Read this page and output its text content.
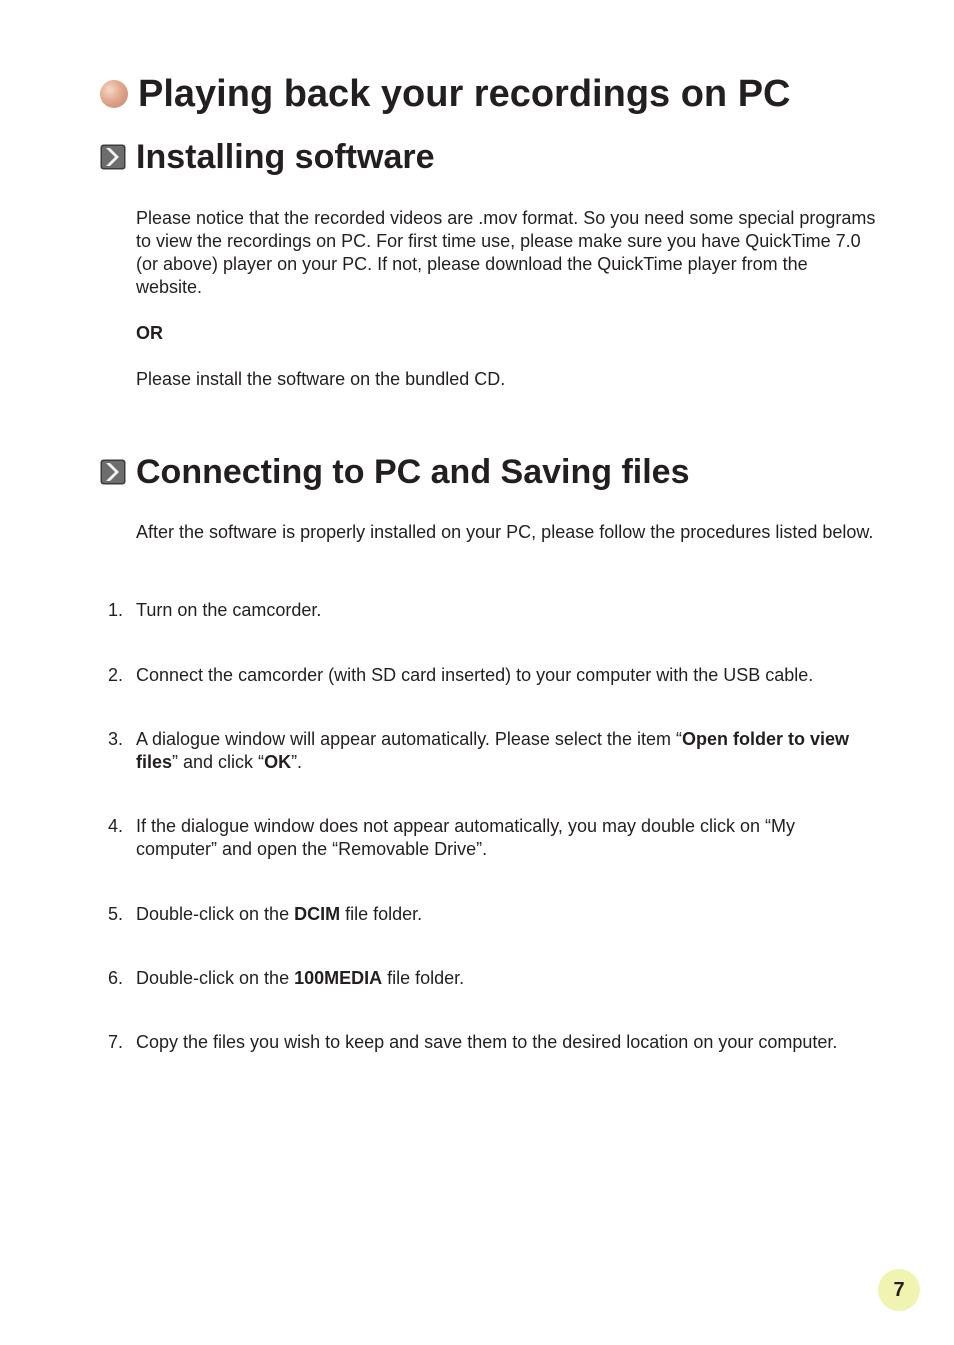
Playing back your recordings on PC
Installing software

Please notice that the recorded videos are .mov format. So you need some special programs to view the recordings on PC. For first time use, please make sure you have QuickTime 7.0 (or above) player on your PC. If not, please download the QuickTime player from the website.

OR

Please install the software on the bundled CD.

Connecting to PC and Saving files

After the software is properly installed on your PC, please follow the procedures listed below.

1. Turn on the camcorder.
2. Connect the camcorder (with SD card inserted) to your computer with the USB cable.
3. A dialogue window will appear automatically. Please select the item “Open folder to view files” and click “OK”.
4. If the dialogue window does not appear automatically, you may double click on “My computer” and open the “Removable Drive”.
5. Double-click on the DCIM file folder.
6. Double-click on the 100MEDIA file folder.
7. Copy the files you wish to keep and save them to the desired location on your computer.
7
